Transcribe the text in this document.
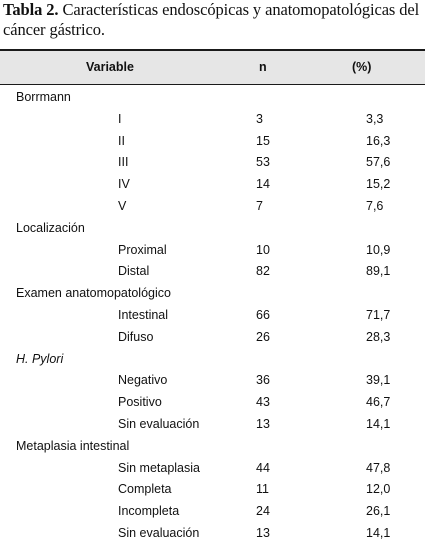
Tabla 2. Características endoscópicas y anatomopatológicas del cáncer gástrico.
Variable	n	(%)
Borrmann
I	3	3,3
II	15	16,3
III	53	57,6
IV	14	15,2
V	7	7,6
Localización
Proximal	10	10,9
Distal	82	89,1
Examen anatomopatológico
Intestinal	66	71,7
Difuso	26	28,3
H. Pylori
Negativo	36	39,1
Positivo	43	46,7
Sin evaluación	13	14,1
Metaplasia intestinal
Sin metaplasia	44	47,8
Completa	11	12,0
Incompleta	24	26,1
Sin evaluación	13	14,1
